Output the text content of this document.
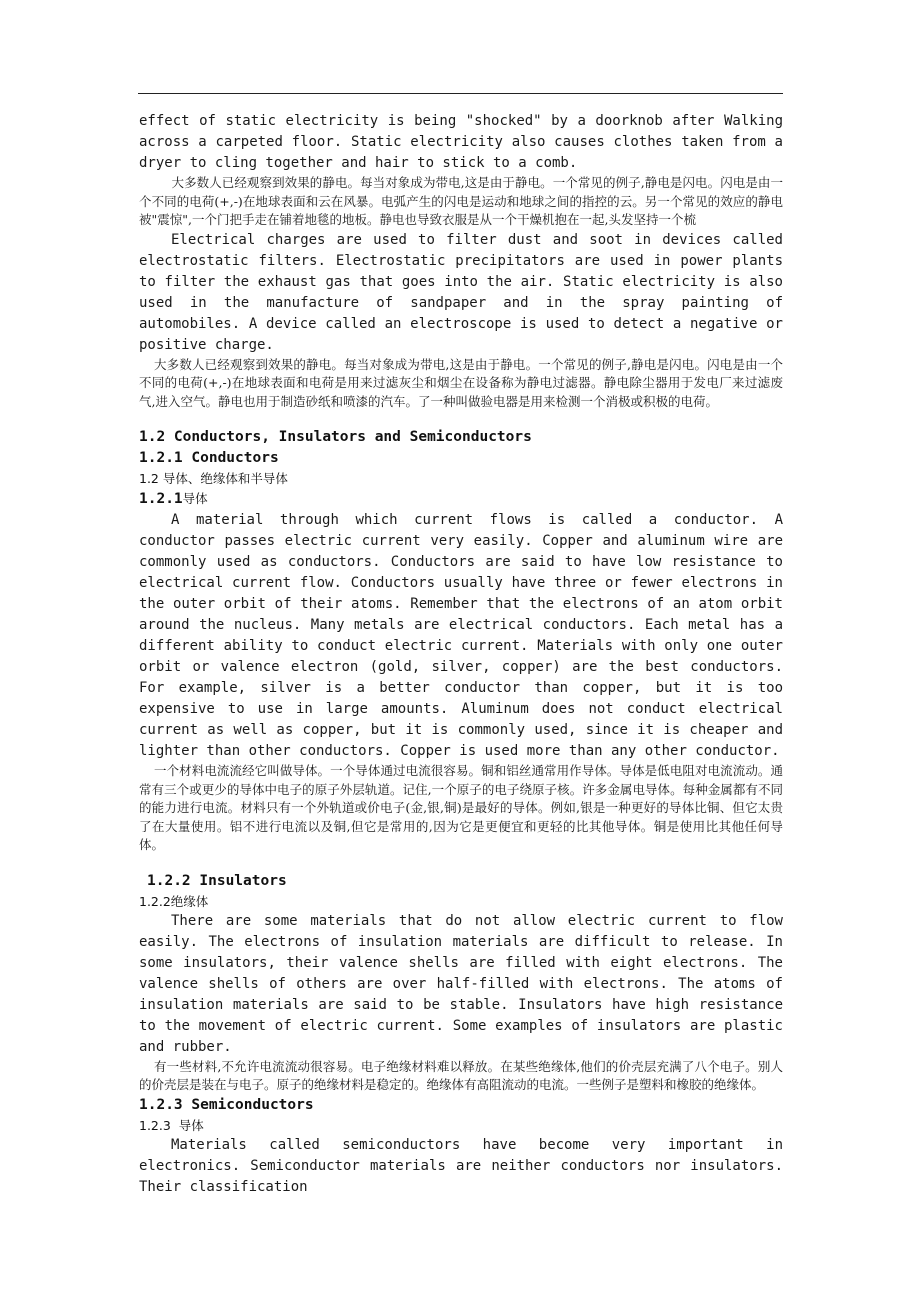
effect of static electricity is being "shocked" by a doorknob after Walking across a carpeted floor. Static electricity also causes clothes taken from a dryer to cling together and hair to stick to a comb.

大多数人已经观察到效果的静电。每当对象成为带电,这是由于静电。一个常见的例子,静电是闪电。闪电是由一个不同的电荷(+,-)在地球表面和云在风暴。电弧产生的闪电是运动和地球之间的指控的云。另一个常见的效应的静电被"震惊",一个门把手走在铺着地毯的地板。静电也导致衣服是从一个干燥机抱在一起,头发坚持一个梳

Electrical charges are used to filter dust and soot in devices called electrostatic filters. Electrostatic precipitators are used in power plants to filter the exhaust gas that goes into the air. Static electricity is also used in the manufacture of sandpaper and in the spray painting of automobiles. A device called an electroscope is used to detect a negative or positive charge.

大多数人已经观察到效果的静电。每当对象成为带电,这是由于静电。一个常见的例子,静电是闪电。闪电是由一个不同的电荷(+,-)在地球表面和电荷是用来过滤灰尘和烟尘在设备称为静电过滤器。静电除尘器用于发电厂来过滤废气,进入空气。静电也用于制造砂纸和喷漆的汽车。了一种叫做验电器是用来检测一个消极或积极的电荷。

1.2 Conductors, Insulators and Semiconductors

1.2.1 Conductors

1.2 导体、绝缘体和半导体

1.2.1导体

A material through which current flows is called a conductor. A conductor passes electric current very easily. Copper and aluminum wire are commonly used as conductors. Conductors are said to have low resistance to electrical current flow. Conductors usually have three or fewer electrons in the outer orbit of their atoms. Remember that the electrons of an atom orbit around the nucleus. Many metals are electrical conductors. Each metal has a different ability to conduct electric current. Materials with only one outer orbit or valence electron (gold, silver, copper) are the best conductors. For example, silver is a better conductor than copper, but it is too expensive to use in large amounts. Aluminum does not conduct electrical current as well as copper, but it is commonly used, since it is cheaper and lighter than other conductors. Copper is used more than any other conductor.

一个材料电流流经它叫做导体。一个导体通过电流很容易。铜和铝丝通常用作导体。导体是低电阻对电流流动。通常有三个或更少的导体中电子的原子外层轨道。记住,一个原子的电子绕原子核。许多金属电导体。每种金属都有不同的能力进行电流。材料只有一个外轨道或价电子(金,银,铜)是最好的导体。例如,银是一种更好的导体比铜、但它太贵了在大量使用。铝不进行电流以及铜,但它是常用的,因为它是更便宜和更轻的比其他导体。铜是使用比其他任何导体。

1.2.2 Insulators

1.2.2绝缘体

There are some materials that do not allow electric current to flow easily. The electrons of insulation materials are difficult to release. In some insulators, their valence shells are filled with eight electrons. The valence shells of others are over half-filled with electrons. The atoms of insulation materials are said to be stable. Insulators have high resistance to the movement of electric current. Some examples of insulators are plastic and rubber.

有一些材料,不允许电流流动很容易。电子绝缘材料难以释放。在某些绝缘体,他们的价壳层充满了八个电子。别人的价壳层是装在与电子。原子的绝缘材料是稳定的。绝缘体有高阻流动的电流。一些例子是塑料和橡胶的绝缘体。

1.2.3 Semiconductors

1.2.3  导体

Materials called semiconductors have become very important in electronics. Semiconductor materials are neither conductors nor insulators. Their classification
